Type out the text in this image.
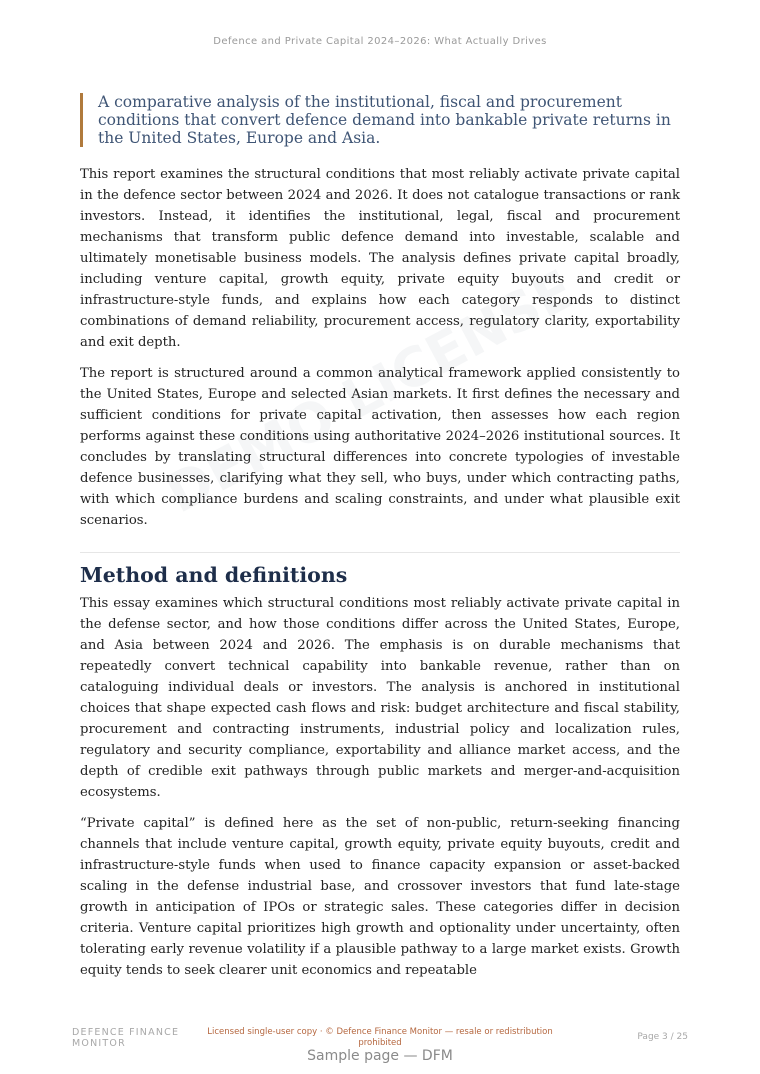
Defence and Private Capital 2024–2026: What Actually Drives
A comparative analysis of the institutional, fiscal and procurement conditions that convert defence demand into bankable private returns in the United States, Europe and Asia.

This report examines the structural conditions that most reliably activate private capital in the defence sector between 2024 and 2026. It does not catalogue transactions or rank investors. Instead, it identifies the institutional, legal, fiscal and procurement mechanisms that transform public defence demand into investable, scalable and ultimately monetisable business models. The analysis defines private capital broadly, including venture capital, growth equity, private equity buyouts and credit or infrastructure-style funds, and explains how each category responds to distinct combinations of demand reliability, procurement access, regulatory clarity, exportability and exit depth.

The report is structured around a common analytical framework applied consistently to the United States, Europe and selected Asian markets. It first defines the necessary and sufficient conditions for private capital activation, then assesses how each region performs against these conditions using authoritative 2024–2026 institutional sources. It concludes by translating structural differences into concrete typologies of investable defence businesses, clarifying what they sell, who buys, under which contracting paths, with which compliance burdens and scaling constraints, and under what plausible exit scenarios.

Method and definitions

This essay examines which structural conditions most reliably activate private capital in the defense sector, and how those conditions differ across the United States, Europe, and Asia between 2024 and 2026. The emphasis is on durable mechanisms that repeatedly convert technical capability into bankable revenue, rather than on cataloguing individual deals or investors. The analysis is anchored in institutional choices that shape expected cash flows and risk: budget architecture and fiscal stability, procurement and contracting instruments, industrial policy and localization rules, regulatory and security compliance, exportability and alliance market access, and the depth of credible exit pathways through public markets and merger-and-acquisition ecosystems.

“Private capital” is defined here as the set of non-public, return-seeking financing channels that include venture capital, growth equity, private equity buyouts, credit and infrastructure-style funds when used to finance capacity expansion or asset-backed scaling in the defense industrial base, and crossover investors that fund late-stage growth in anticipation of IPOs or strategic sales. These categories differ in decision criteria. Venture capital prioritizes high growth and optionality under uncertainty, often tolerating early revenue volatility if a plausible pathway to a large market exists. Growth equity tends to seek clearer unit economics and repeatable

DEFENCE FINANCE
MONITOR
Licensed single-user copy · © Defence Finance Monitor — resale or redistribution prohibited
Page 3 / 25
Sample page — DFM
